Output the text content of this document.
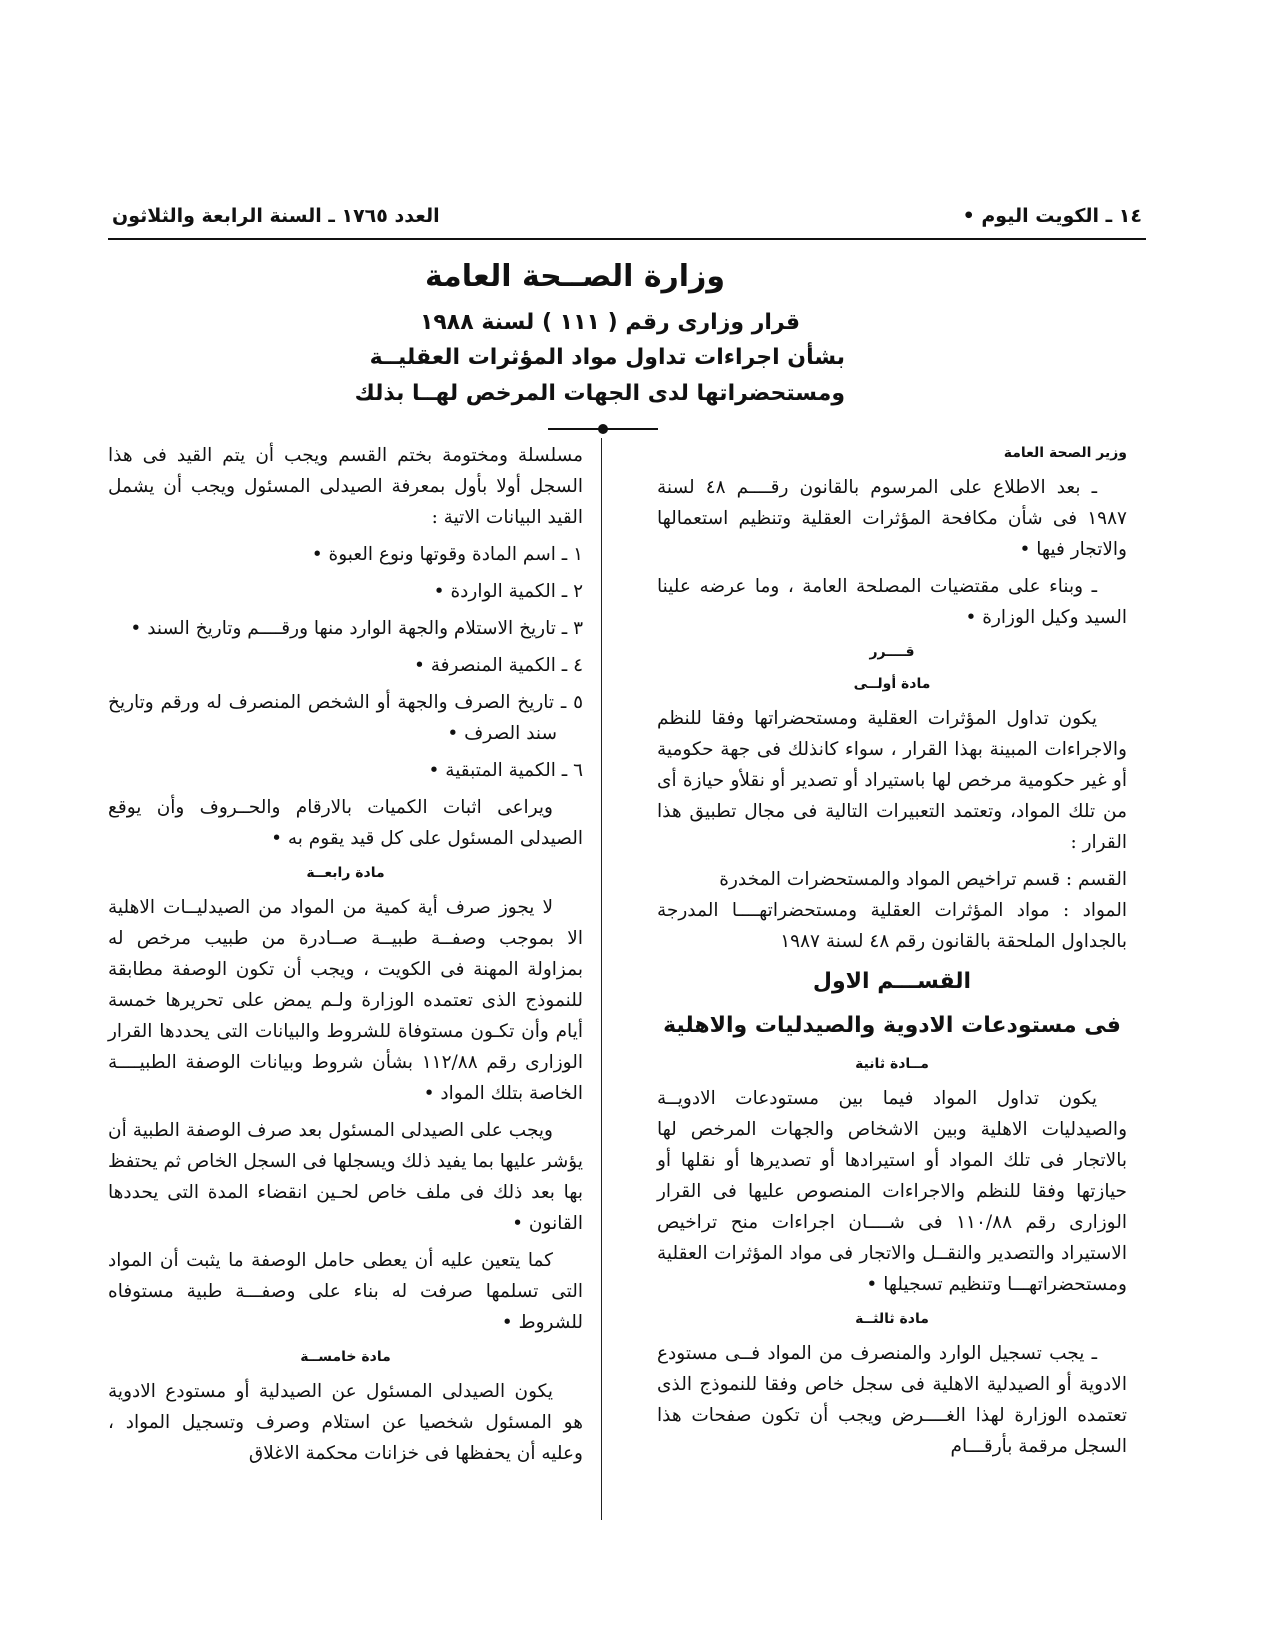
١٤ ـ الكويت اليوم •
العدد ١٧٦٥ ـ السنة الرابعة والثلاثون

وزارة الصــحة العامة

قرار وزارى رقم ( ١١١ ) لسنة ١٩٨٨

بشأن اجراءات تداول مواد المؤثرات العقليــة

ومستحضراتها لدى الجهات المرخص لهــا بذلك

وزير الصحة العامة

ـ بعد الاطلاع على المرسوم بالقانون رقــــم ٤٨ لسنة ١٩٨٧ فى شأن مكافحة المؤثرات العقلية وتنظيم استعمالها والاتجار فيها •

ـ وبناء على مقتضيات المصلحة العامة ، وما عرضه علينا السيد وكيل الوزارة •

قــــرر

مادة أولــى

يكون تداول المؤثرات العقلية ومستحضراتها وفقا للنظم والاجراءات المبينة بهذا القرار ، سواء كانذلك فى جهة حكومية أو غير حكومية مرخص لها باستيراد أو تصدير أو نقلأو حيازة أى من تلك المواد، وتعتمد التعبيرات التالية فى مجال تطبيق هذا القرار :

القسم : قسم تراخيص المواد والمستحضرات المخدرة

المواد : مواد المؤثرات العقلية ومستحضراتهــــا المدرجة بالجداول الملحقة بالقانون رقم ٤٨ لسنة ١٩٨٧

القســـم الاول

فى مستودعات الادوية والصيدليات والاهلية

مــادة ثانية

يكون تداول المواد فيما بين مستودعات الادويــة والصيدليات الاهلية وبين الاشخاص والجهات المرخص لها بالاتجار فى تلك المواد أو استيرادها أو تصديرها أو نقلها أو حيازتها وفقا للنظم والاجراءات المنصوص عليها فى القرار الوزارى رقم ١١٠/٨٨ فى شــــان اجراءات منح تراخيص الاستيراد والتصدير والنقــل والاتجار فى مواد المؤثرات العقلية ومستحضراتهـــا وتنظيم تسجيلها •

مادة ثالثــة

ـ يجب تسجيل الوارد والمنصرف من المواد فــى مستودع الادوية أو الصيدلية الاهلية فى سجل خاص وفقا للنموذج الذى تعتمده الوزارة لهذا الغــــرض ويجب أن تكون صفحات هذا السجل مرقمة بأرقـــام

مسلسلة ومختومة بختم القسم ويجب أن يتم القيد فى هذا السجل أولا بأول بمعرفة الصيدلى المسئول ويجب أن يشمل القيد البيانات الاتية :

١ ـ اسم المادة وقوتها ونوع العبوة •

٢ ـ الكمية الواردة •

٣ ـ تاريخ الاستلام والجهة الوارد منها ورقــــم وتاريخ السند •

٤ ـ الكمية المنصرفة •

٥ ـ تاريخ الصرف والجهة أو الشخص المنصرف له ورقم وتاريخ سند الصرف •

٦ ـ الكمية المتبقية •

ويراعى اثبات الكميات بالارقام والحــروف وأن يوقع الصيدلى المسئول على كل قيد يقوم به •

مادة رابعــة

لا يجوز صرف أية كمية من المواد من الصيدليــات الاهلية الا بموجب وصفــة طبيــة صــادرة من طبيب مرخص له بمزاولة المهنة فى الكويت ، ويجب أن تكون الوصفة مطابقة للنموذج الذى تعتمده الوزارة ولـم يمض على تحريرها خمسة أيام وأن تكـون مستوفاة للشروط والبيانات التى يحددها القرار الوزارى رقم ١١٢/٨٨ بشأن شروط وبيانات الوصفة الطبيــــة الخاصة بتلك المواد •

ويجب على الصيدلى المسئول بعد صرف الوصفة الطبية أن يؤشر عليها بما يفيد ذلك ويسجلها فى السجل الخاص ثم يحتفظ بها بعد ذلك فى ملف خاص لحـين انقضاء المدة التى يحددها القانون •

كما يتعين عليه أن يعطى حامل الوصفة ما يثبت أن المواد التى تسلمها صرفت له بناء على وصفـــة طبية مستوفاه للشروط •

مادة خامســة

يكون الصيدلى المسئول عن الصيدلية أو مستودع الادوية هو المسئول شخصيا عن استلام وصرف وتسجيل المواد ، وعليه أن يحفظها فى خزانات محكمة الاغلاق
